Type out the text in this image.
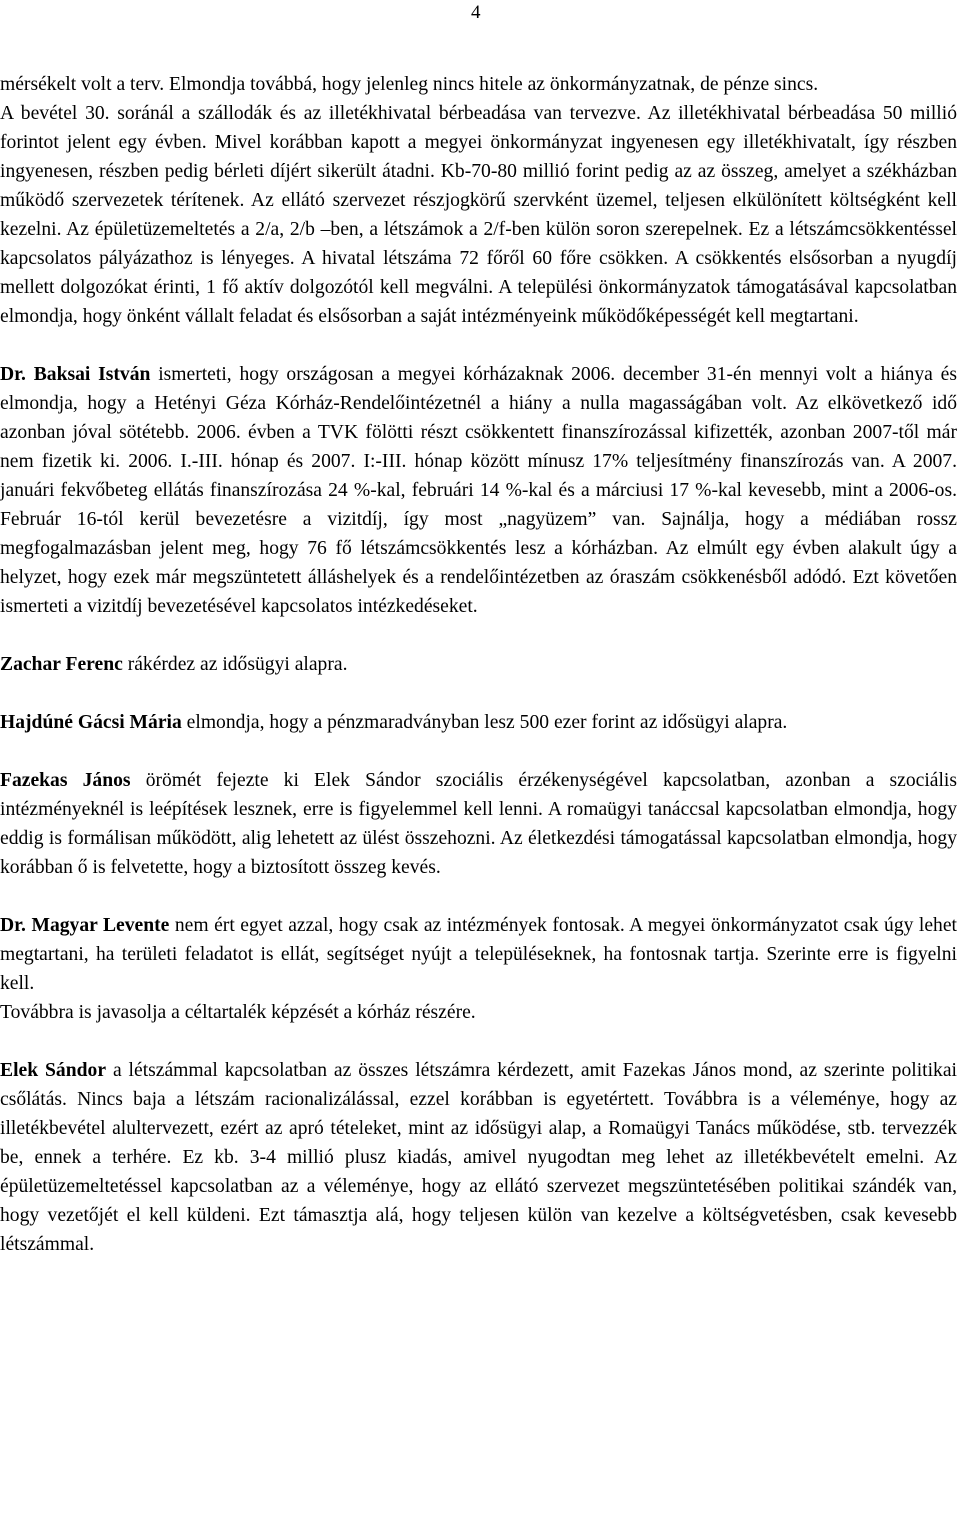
4

mérsékelt volt a terv. Elmondja továbbá, hogy jelenleg nincs hitele az önkormányzatnak, de pénze sincs.

A bevétel 30. soránál a szállodák és az illetékhivatal bérbeadása van tervezve. Az illetékhivatal bérbeadása 50 millió forintot jelent egy évben. Mivel korábban kapott a megyei önkormányzat ingyenesen egy illetékhivatalt, így részben ingyenesen, részben pedig bérleti díjért sikerült átadni. Kb-70-80 millió forint pedig az az összeg, amelyet a székházban működő szervezetek térítenek. Az ellátó szervezet részjogkörű szervként üzemel, teljesen elkülönített költségként kell kezelni. Az épületüzemeltetés a 2/a, 2/b –ben, a létszámok a 2/f-ben külön soron szerepelnek. Ez a létszámcsökkentéssel kapcsolatos pályázathoz is lényeges. A hivatal létszáma 72 főről 60 főre csökken. A csökkentés elsősorban a nyugdíj mellett dolgozókat érinti, 1 fő aktív dolgozótól kell megválni. A települési önkormányzatok támogatásával kapcsolatban elmondja, hogy önként vállalt feladat és elsősorban a saját intézményeink működőképességét kell megtartani.

Dr. Baksai István ismerteti, hogy országosan a megyei kórházaknak 2006. december 31-én mennyi volt a hiánya és elmondja, hogy a Hetényi Géza Kórház-Rendelőintézetnél a hiány a nulla magasságában volt. Az elkövetkező idő azonban jóval sötétebb. 2006. évben a TVK fölötti részt csökkentett finanszírozással kifizették, azonban 2007-től már nem fizetik ki. 2006. I.-III. hónap és 2007. I:-III. hónap között mínusz 17% teljesítmény finanszírozás van. A 2007. januári fekvőbeteg ellátás finanszírozása 24 %-kal, februári 14 %-kal és a márciusi 17 %-kal kevesebb, mint a 2006-os. Február 16-tól kerül bevezetésre a vizitdíj, így most „nagyüzem” van. Sajnálja, hogy a médiában rossz megfogalmazásban jelent meg, hogy 76 fő létszámcsökkentés lesz a kórházban. Az elmúlt egy évben alakult úgy a helyzet, hogy ezek már megszüntetett álláshelyek és a rendelőintézetben az óraszám csökkenésből adódó. Ezt követően ismerteti a vizitdíj bevezetésével kapcsolatos intézkedéseket.

Zachar Ferenc rákérdez az idősügyi alapra.

Hajdúné Gácsi Mária elmondja, hogy a pénzmaradványban lesz 500 ezer forint az idősügyi alapra.

Fazekas János örömét fejezte ki Elek Sándor szociális érzékenységével kapcsolatban, azonban a szociális intézményeknél is leépítések lesznek, erre is figyelemmel kell lenni. A romaügyi tanáccsal kapcsolatban elmondja, hogy eddig is formálisan működött, alig lehetett az ülést összehozni. Az életkezdési támogatással kapcsolatban elmondja, hogy korábban ő is felvetette, hogy a biztosított összeg kevés.

Dr. Magyar Levente nem ért egyet azzal, hogy csak az intézmények fontosak. A megyei önkormányzatot csak úgy lehet megtartani, ha területi feladatot is ellát, segítséget nyújt a településeknek, ha fontosnak tartja. Szerinte erre is figyelni kell.

Továbbra is javasolja a céltartalék képzését a kórház részére.

Elek Sándor a létszámmal kapcsolatban az összes létszámra kérdezett, amit Fazekas János mond, az szerinte politikai csőlátás. Nincs baja a létszám racionalizálással, ezzel korábban is egyetértett. Továbbra is a véleménye, hogy az illetékbevétel alultervezett, ezért az apró tételeket, mint az idősügyi alap, a Romaügyi Tanács működése, stb. tervezzék be, ennek a terhére. Ez kb. 3-4 millió plusz kiadás, amivel nyugodtan meg lehet az illetékbevételt emelni. Az épületüzemeltetéssel kapcsolatban az a véleménye, hogy az ellátó szervezet megszüntetésében politikai szándék van, hogy vezetőjét el kell küldeni. Ezt támasztja alá, hogy teljesen külön van kezelve a költségvetésben, csak kevesebb létszámmal.
